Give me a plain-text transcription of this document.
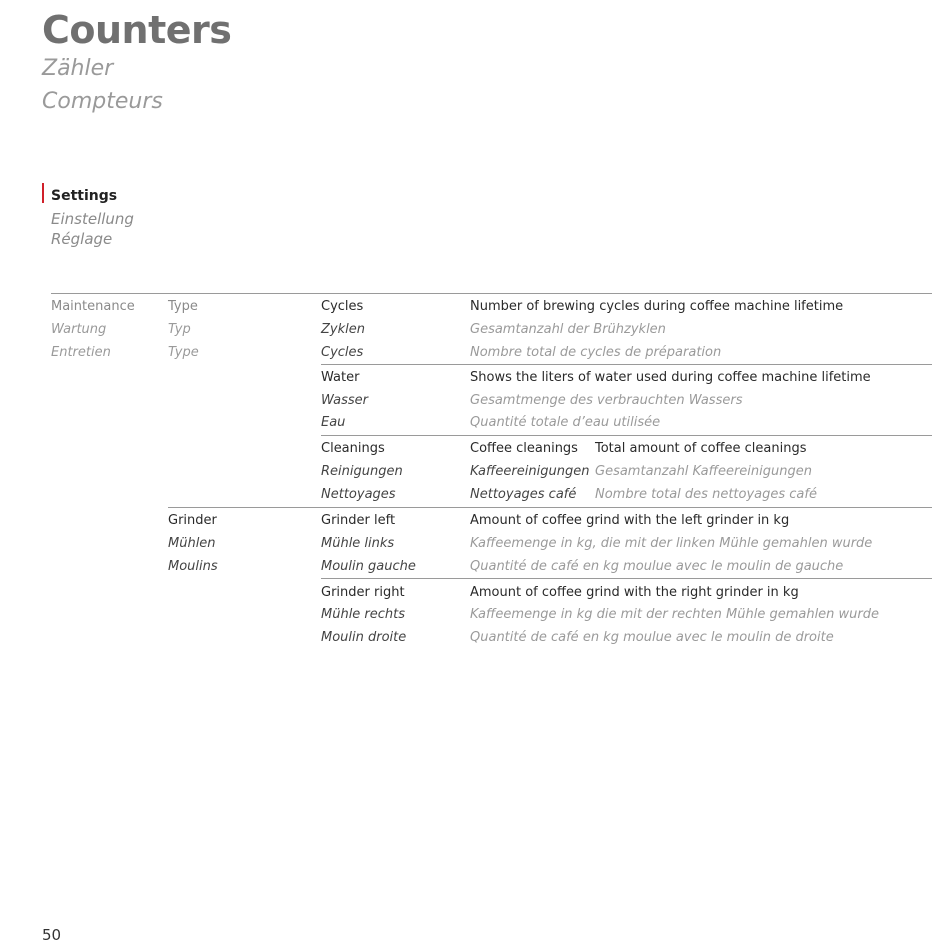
Counters
Zähler
Compteurs
Settings
Einstellung
Réglage
Maintenance
Wartung
Entretien
Type
Typ
Type
Cycles
Zyklen
Cycles
Number of brewing cycles during coffee machine lifetime
Gesamtanzahl der Brühzyklen
Nombre total de cycles de préparation
Water
Wasser
Eau
Shows the liters of water used during coffee machine lifetime
Gesamtmenge des verbrauchten Wassers
Quantité totale d’eau utilisée
Cleanings
Reinigungen
Nettoyages
Coffee cleanings
Kaffeereinigungen
Nettoyages café
Total amount of coffee cleanings
Gesamtanzahl Kaffeereinigungen
Nombre total des nettoyages café
Grinder
Mühlen
Moulins
Grinder left
Mühle links
Moulin gauche
Amount of coffee grind with the left grinder in kg
Kaffeemenge in kg, die mit der linken Mühle gemahlen wurde
Quantité de café en kg moulue avec le moulin de gauche
Grinder right
Mühle rechts
Moulin droite
Amount of coffee grind with the right grinder in kg
Kaffeemenge in kg die mit der rechten Mühle gemahlen wurde
Quantité de café en kg moulue avec le moulin de droite
50
